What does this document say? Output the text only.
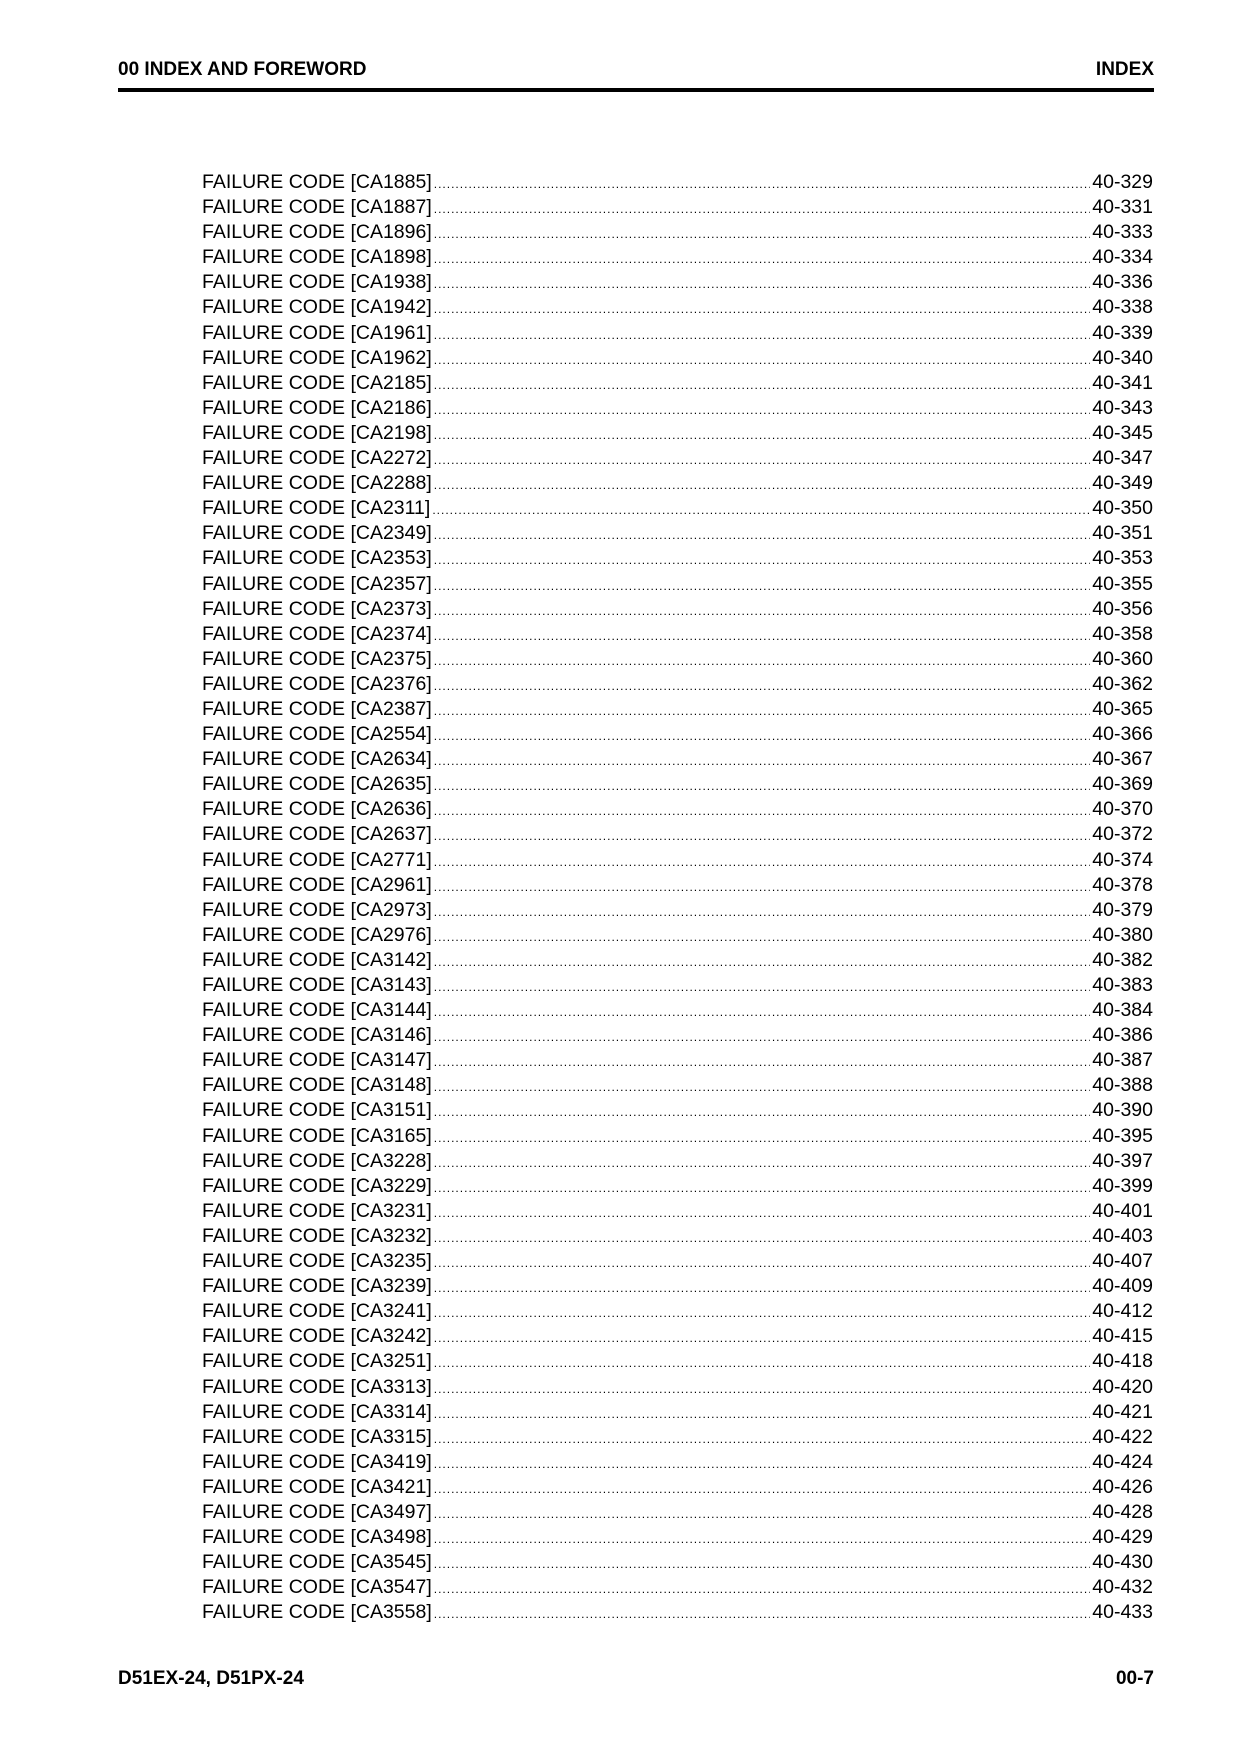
00 INDEX AND FOREWORD	INDEX
FAILURE CODE [CA1885] .....	40-329
FAILURE CODE [CA1887] .....	40-331
FAILURE CODE [CA1896] .....	40-333
FAILURE CODE [CA1898] .....	40-334
FAILURE CODE [CA1938] .....	40-336
FAILURE CODE [CA1942] .....	40-338
FAILURE CODE [CA1961] .....	40-339
FAILURE CODE [CA1962] .....	40-340
FAILURE CODE [CA2185] .....	40-341
FAILURE CODE [CA2186] .....	40-343
FAILURE CODE [CA2198] .....	40-345
FAILURE CODE [CA2272] .....	40-347
FAILURE CODE [CA2288] .....	40-349
FAILURE CODE [CA2311] .....	40-350
FAILURE CODE [CA2349] .....	40-351
FAILURE CODE [CA2353] .....	40-353
FAILURE CODE [CA2357] .....	40-355
FAILURE CODE [CA2373] .....	40-356
FAILURE CODE [CA2374] .....	40-358
FAILURE CODE [CA2375] .....	40-360
FAILURE CODE [CA2376] .....	40-362
FAILURE CODE [CA2387] .....	40-365
FAILURE CODE [CA2554] .....	40-366
FAILURE CODE [CA2634] .....	40-367
FAILURE CODE [CA2635] .....	40-369
FAILURE CODE [CA2636] .....	40-370
FAILURE CODE [CA2637] .....	40-372
FAILURE CODE [CA2771] .....	40-374
FAILURE CODE [CA2961] .....	40-378
FAILURE CODE [CA2973] .....	40-379
FAILURE CODE [CA2976] .....	40-380
FAILURE CODE [CA3142] .....	40-382
FAILURE CODE [CA3143] .....	40-383
FAILURE CODE [CA3144] .....	40-384
FAILURE CODE [CA3146] .....	40-386
FAILURE CODE [CA3147] .....	40-387
FAILURE CODE [CA3148] .....	40-388
FAILURE CODE [CA3151] .....	40-390
FAILURE CODE [CA3165] .....	40-395
FAILURE CODE [CA3228] .....	40-397
FAILURE CODE [CA3229] .....	40-399
FAILURE CODE [CA3231] .....	40-401
FAILURE CODE [CA3232] .....	40-403
FAILURE CODE [CA3235] .....	40-407
FAILURE CODE [CA3239] .....	40-409
FAILURE CODE [CA3241] .....	40-412
FAILURE CODE [CA3242] .....	40-415
FAILURE CODE [CA3251] .....	40-418
FAILURE CODE [CA3313] .....	40-420
FAILURE CODE [CA3314] .....	40-421
FAILURE CODE [CA3315] .....	40-422
FAILURE CODE [CA3419] .....	40-424
FAILURE CODE [CA3421] .....	40-426
FAILURE CODE [CA3497] .....	40-428
FAILURE CODE [CA3498] .....	40-429
FAILURE CODE [CA3545] .....	40-430
FAILURE CODE [CA3547] .....	40-432
FAILURE CODE [CA3558] .....	40-433
D51EX-24, D51PX-24	00-7
